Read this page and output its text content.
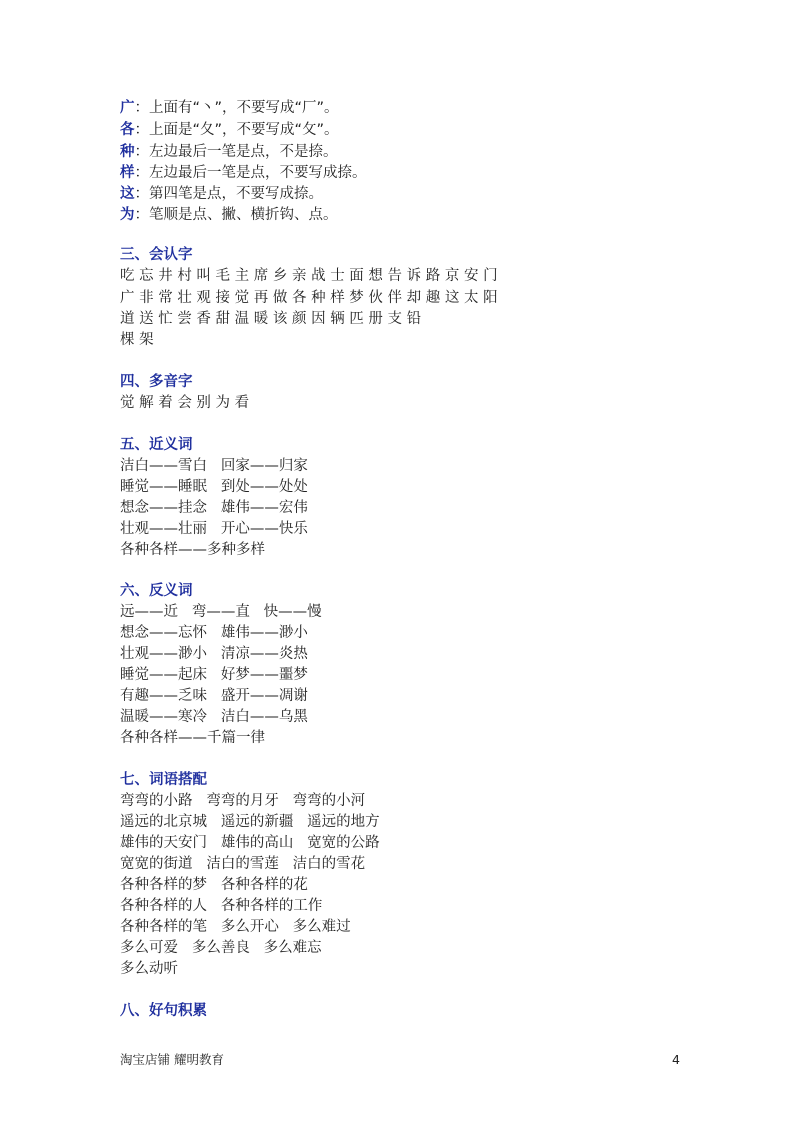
广：上面有“丶”，不要写成“厂”。

各：上面是“夂”，不要写成“攵”。

种：左边最后一笔是点，不是捺。

样：左边最后一笔是点，不要写成捺。

这：第四笔是点，不要写成捺。

为：笔顺是点、撇、横折钩、点。

三、会认字

吃 忘 井 村 叫 毛 主 席 乡 亲 战 士 面 想 告 诉 路 京 安 门

广 非 常 壮 观 接 觉 再 做 各 种 样 梦 伙 伴 却 趣 这 太 阳

道 送 忙 尝 香 甜 温 暖 该 颜 因 辆 匹 册 支 铅

棵 架

四、多音字

觉 解 着 会 别 为 看

五、近义词

洁白——雪白   回家——归家

睡觉——睡眠   到处——处处

想念——挂念   雄伟——宏伟

壮观——壮丽   开心——快乐

各种各样——多种多样

六、反义词

远——近   弯——直   快——慢

想念——忘怀   雄伟——渺小

壮观——渺小   清凉——炎热

睡觉——起床   好梦——噩梦

有趣——乏味   盛开——凋谢

温暖——寒冷   洁白——乌黑

各种各样——千篇一律

七、词语搭配

弯弯的小路   弯弯的月牙   弯弯的小河

遥远的北京城   遥远的新疆   遥远的地方

雄伟的天安门   雄伟的高山   宽宽的公路

宽宽的街道   洁白的雪莲   洁白的雪花

各种各样的梦   各种各样的花

各种各样的人   各种各样的工作

各种各样的笔   多么开心   多么难过

多么可爱   多么善良   多么难忘

多么动听

八、好句积累

淘宝店铺 耀明教育	4
